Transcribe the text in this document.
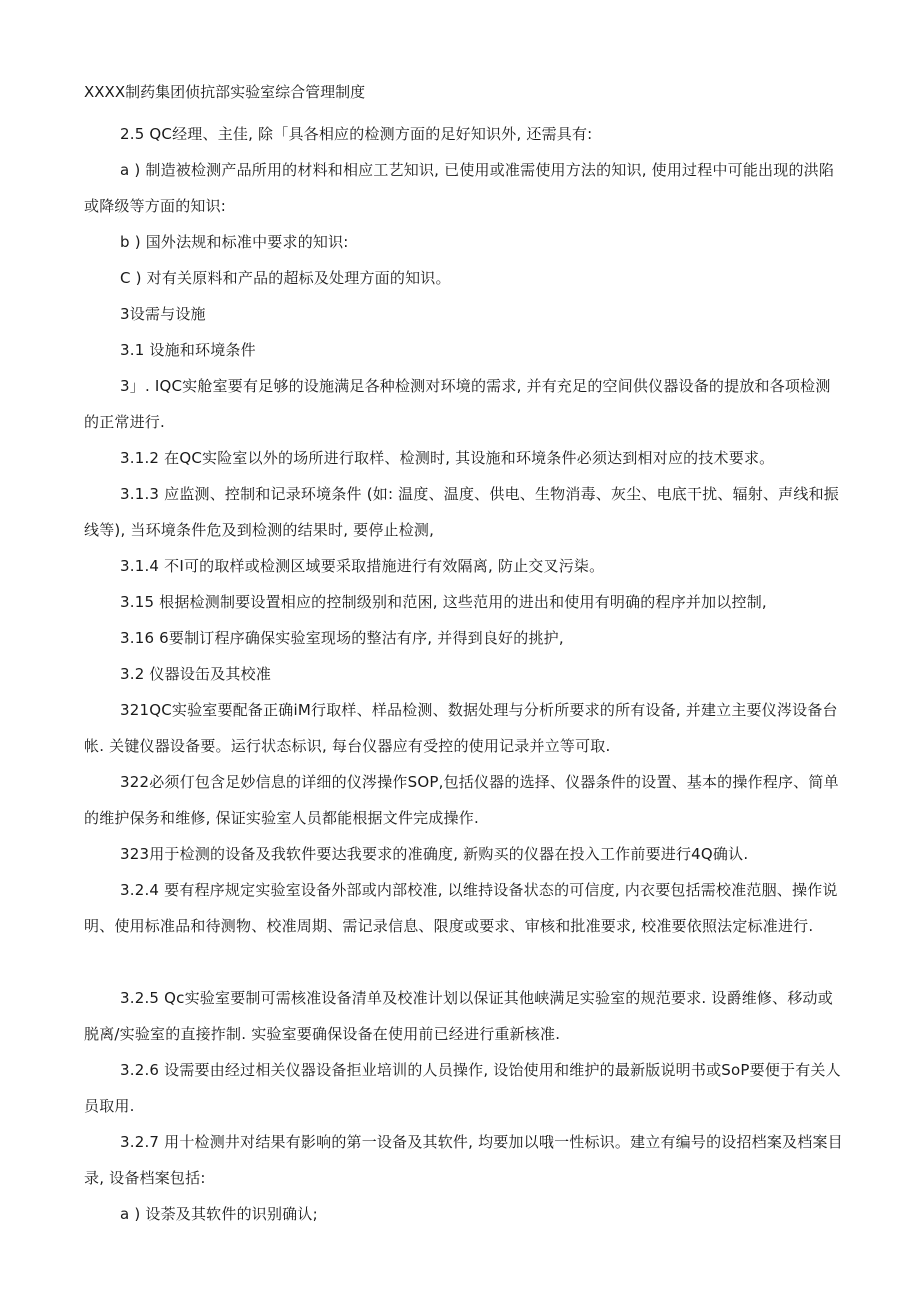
XXXX制药集团侦抗部实验室综合管理制度
2.5 QC经理、主佳, 除「具各相应的检测方面的足好知识外, 还需具有:
a ) 制造被检测产品所用的材料和相应工艺知识, 已使用或准需使用方法的知识, 使用过程中可能出现的洪陷或降级等方面的知识:
b ) 国外法规和标准中要求的知识:
C ) 对有关原料和产品的超标及处理方面的知识。
3设需与设施
3.1 设施和环境条件
3」. IQC实舱室要有足够的设施满足各种检测对环境的需求, 并有充足的空间供仪器设备的提放和各项检测的正常进行.
3.1.2 在QC实险室以外的场所进行取样、检测时, 其设施和环境条件必须达到相对应的技术要求。
3.1.3 应监测、控制和记录环境条件 (如: 温度、温度、供电、生物消毒、灰尘、电底干扰、辐射、声线和振线等), 当环境条件危及到检测的结果时, 要停止检测,
3.1.4 不I可的取样或检测区域要采取措施进行有效隔离, 防止交叉污柒。
3.15 根据检测制要设置相应的控制级别和范困, 这些范用的进出和使用有明确的程序并加以控制,
3.16 6要制订程序确保实验室现场的整沽有序, 并得到良好的挑护,
3.2 仪器设缶及其校准
321QC实验室要配备正确iM行取样、样品检测、数据处理与分析所要求的所有设备, 并建立主要仪涔设备台帐. 关键仪器设备要。运行状态标识, 每台仪器应有受控的使用记录并立等可取.
322必须仃包含足妙信息的详细的仪涔操作SOP,包括仪器的选择、仪器条件的设置、基本的操作程序、简单的维护保务和维修, 保证实验室人员都能根据文件完成操作.
323用于检测的设备及我软件要达我要求的准确度, 新购买的仪器在投入工作前要进行4Q确认.
3.2.4 要有程序规定实验室设备外部或内部校准, 以维持设备状态的可信度, 内衣要包括需校准范胭、操作说明、使用标准品和待测物、校准周期、需记录信息、限度或要求、审核和批准要求, 校准要依照法定标准进行.
3.2.5 Qc实验室要制可需核准设备清单及校准计划以保证其他峡满足实验室的规范要求. 设爵维修、移动或脱离/实验室的直接拃制. 实验室要确保设备在使用前已经进行重新核准.
3.2.6 设需要由经过相关仪器设备拒业培训的人员操作, 设饴使用和维护的最新版说明书或SoP要便于有关人员取用.
3.2.7 用十检测井对结果有影响的第一设备及其软件, 均要加以哦一性标识。建立有编号的设招档案及档案目录, 设备档案包括:
a ) 设荼及其软件的识别确认;
